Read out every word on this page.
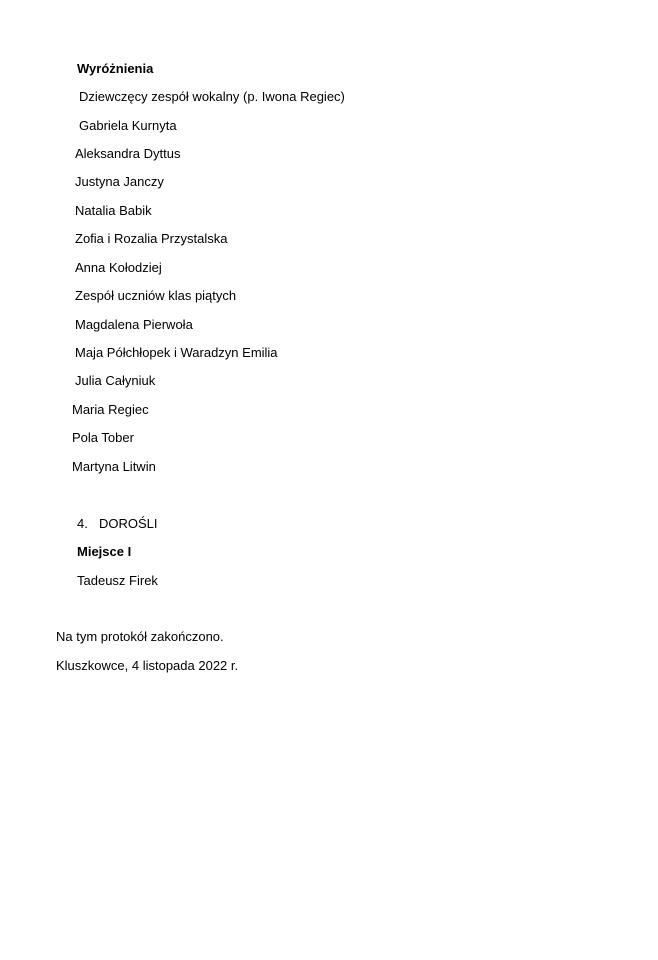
Wyróżnienia
Dziewczęcy zespół wokalny (p. Iwona Regiec)
Gabriela Kurnyta
Aleksandra Dyttus
Justyna Janczy
Natalia Babik
Zofia i Rozalia Przystalska
Anna Kołodziej
Zespół uczniów klas piątych
Magdalena Pierwoła
Maja Półchłopek i Waradzyn Emilia
Julia Całyniuk
Maria Regiec
Pola Tober
Martyna Litwin
4. DOROŚLI
Miejsce I
Tadeusz Firek
Na tym protokół zakończono.
Kluszkowce, 4 listopada 2022 r.
